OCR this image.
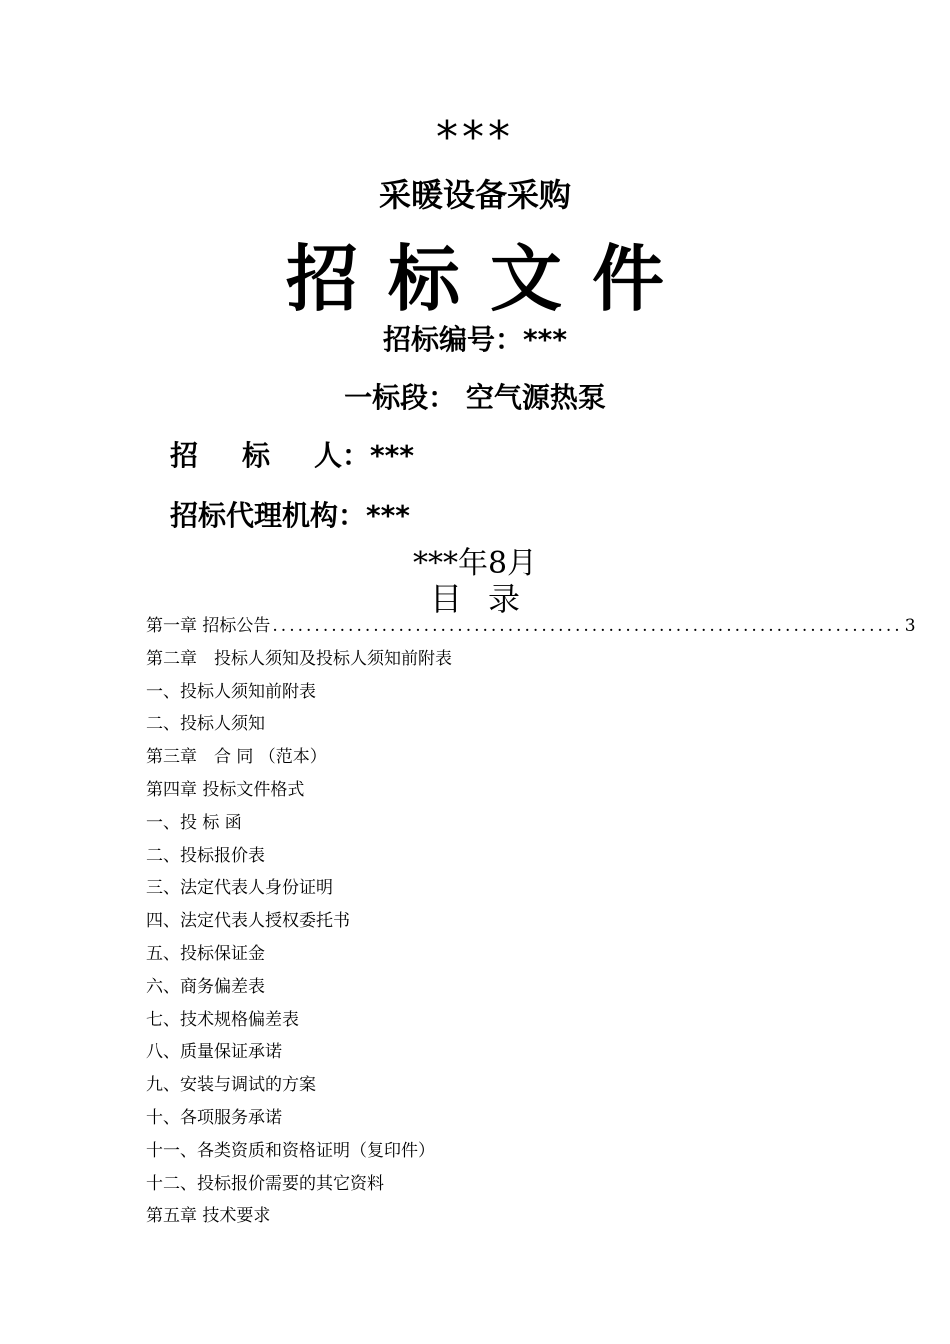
***
采暖设备采购
招标文件
招标编号：***
一标段： 空气源热泵
招标人：***
招标代理机构：***
***年8月
目录
第一章 招标公告 ........................................................................... 3
第二章　投标人须知及投标人须知前附表
一、投标人须知前附表
二、投标人须知
第三章　合 同 （范本）
第四章 投标文件格式
一、投 标 函
二、投标报价表
三、法定代表人身份证明
四、法定代表人授权委托书
五、投标保证金
六、商务偏差表
七、技术规格偏差表
八、质量保证承诺
九、安装与调试的方案
十、各项服务承诺
十一、各类资质和资格证明（复印件）
十二、投标报价需要的其它资料
第五章 技术要求
